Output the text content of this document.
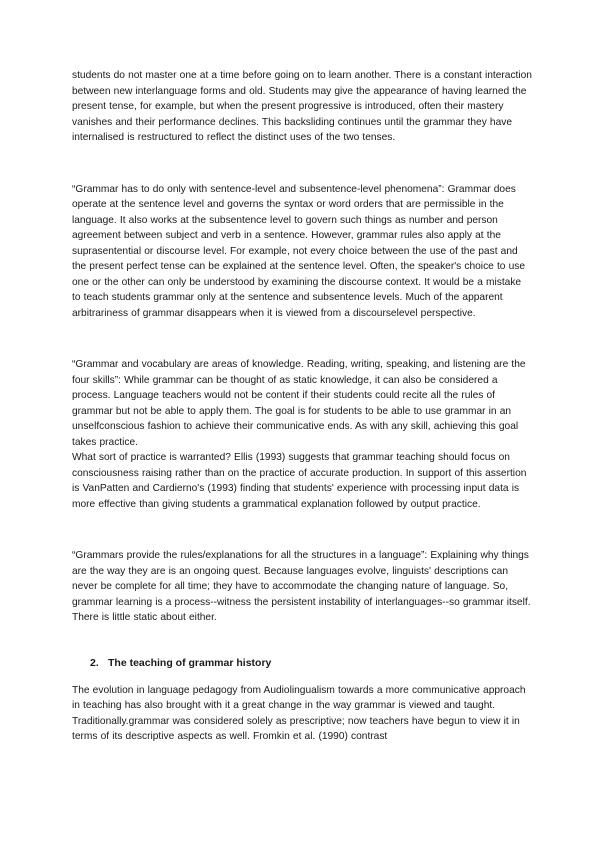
students do not master one at a time before going on to learn another. There is a constant interaction between new interlanguage forms and old. Students may give the appearance of having learned the present tense, for example, but when the present progressive is introduced, often their mastery vanishes and their performance declines. This backsliding continues until the grammar they have internalised is restructured to reflect the distinct uses of the two tenses.

“Grammar has to do only with sentence-level and subsentence-level phenomena”: Grammar does operate at the sentence level and governs the syntax or word orders that are permissible in the language. It also works at the subsentence level to govern such things as number and person agreement between subject and verb in a sentence. However, grammar rules also apply at the suprasentential or discourse level. For example, not every choice between the use of the past and the present perfect tense can be explained at the sentence level. Often, the speaker's choice to use one or the other can only be understood by examining the discourse context. It would be a mistake to teach students grammar only at the sentence and subsentence levels. Much of the apparent arbitrariness of grammar disappears when it is viewed from a discourselevel perspective.

“Grammar and vocabulary are areas of knowledge. Reading, writing, speaking, and listening are the four skills”: While grammar can be thought of as static knowledge, it can also be considered a process. Language teachers would not be content if their students could recite all the rules of grammar but not be able to apply them. The goal is for students to be able to use grammar in an unselfconscious fashion to achieve their communicative ends. As with any skill, achieving this goal takes practice.

What sort of practice is warranted? Ellis (1993) suggests that grammar teaching should focus on consciousness raising rather than on the practice of accurate production. In support of this assertion is VanPatten and Cardierno's (1993) finding that students' experience with processing input data is more effective than giving students a grammatical explanation followed by output practice.

“Grammars provide the rules/explanations for all the structures in a language”: Explaining why things are the way they are is an ongoing quest. Because languages evolve, linguists' descriptions can never be complete for all time; they have to accommodate the changing nature of language. So, grammar learning is a process--witness the persistent instability of interlanguages--so grammar itself. There is little static about either.

2. The teaching of grammar history

The evolution in language pedagogy from Audiolingualism towards a more communicative approach in teaching has also brought with it a great change in the way grammar is viewed and taught. Traditionally.grammar was considered solely as prescriptive; now teachers have begun to view it in terms of its descriptive aspects as well. Fromkin et al. (1990) contrast
